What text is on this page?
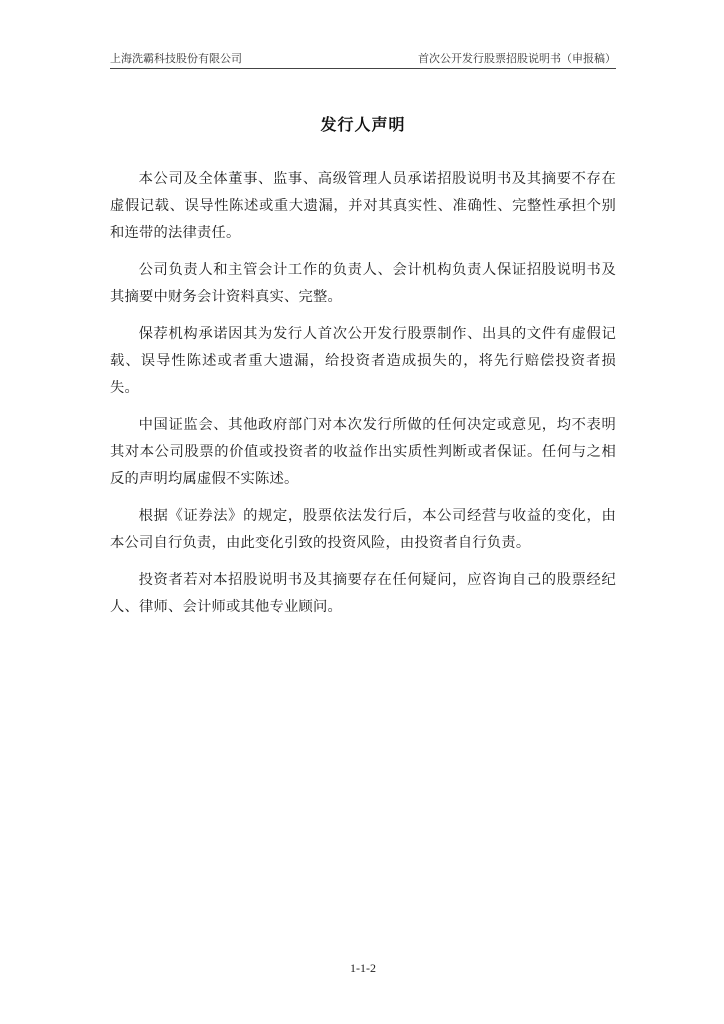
上海洗霸科技股份有限公司	首次公开发行股票招股说明书（申报稿）
发行人声明

本公司及全体董事、监事、高级管理人员承诺招股说明书及其摘要不存在虚假记载、误导性陈述或重大遗漏，并对其真实性、准确性、完整性承担个别和连带的法律责任。

公司负责人和主管会计工作的负责人、会计机构负责人保证招股说明书及其摘要中财务会计资料真实、完整。

保荐机构承诺因其为发行人首次公开发行股票制作、出具的文件有虚假记载、误导性陈述或者重大遗漏，给投资者造成损失的，将先行赔偿投资者损失。

中国证监会、其他政府部门对本次发行所做的任何决定或意见，均不表明其对本公司股票的价值或投资者的收益作出实质性判断或者保证。任何与之相反的声明均属虚假不实陈述。

根据《证券法》的规定，股票依法发行后，本公司经营与收益的变化，由本公司自行负责，由此变化引致的投资风险，由投资者自行负责。

投资者若对本招股说明书及其摘要存在任何疑问，应咨询自己的股票经纪人、律师、会计师或其他专业顾问。

1-1-2
